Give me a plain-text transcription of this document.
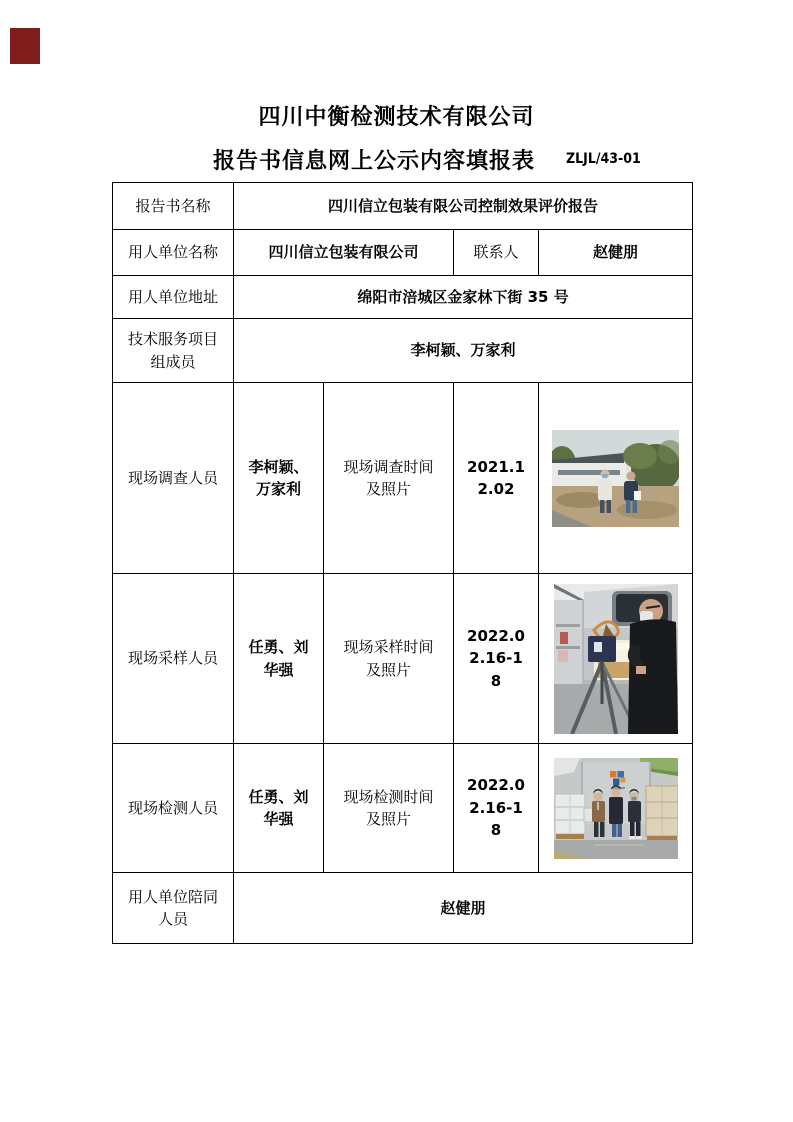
四川中衡检测技术有限公司
报告书信息网上公示内容填报表 ZLJL/43-01
报告书名称	四川信立包装有限公司控制效果评价报告			
用人单位名称	四川信立包装有限公司		联系人	赵健朋
用人单位地址	绵阳市涪城区金家林下街 35 号			
技术服务项目组成员	李柯颖、万家利			
现场调查人员	李柯颖、万家利	现场调查时间及照片	2021.12.02	

现场采样人员	任勇、刘华强	现场采样时间及照片	2022.02.16-18	

现场检测人员	任勇、刘华强	现场检测时间及照片	2022.02.16-18	

用人单位陪同人员	赵健朋			
